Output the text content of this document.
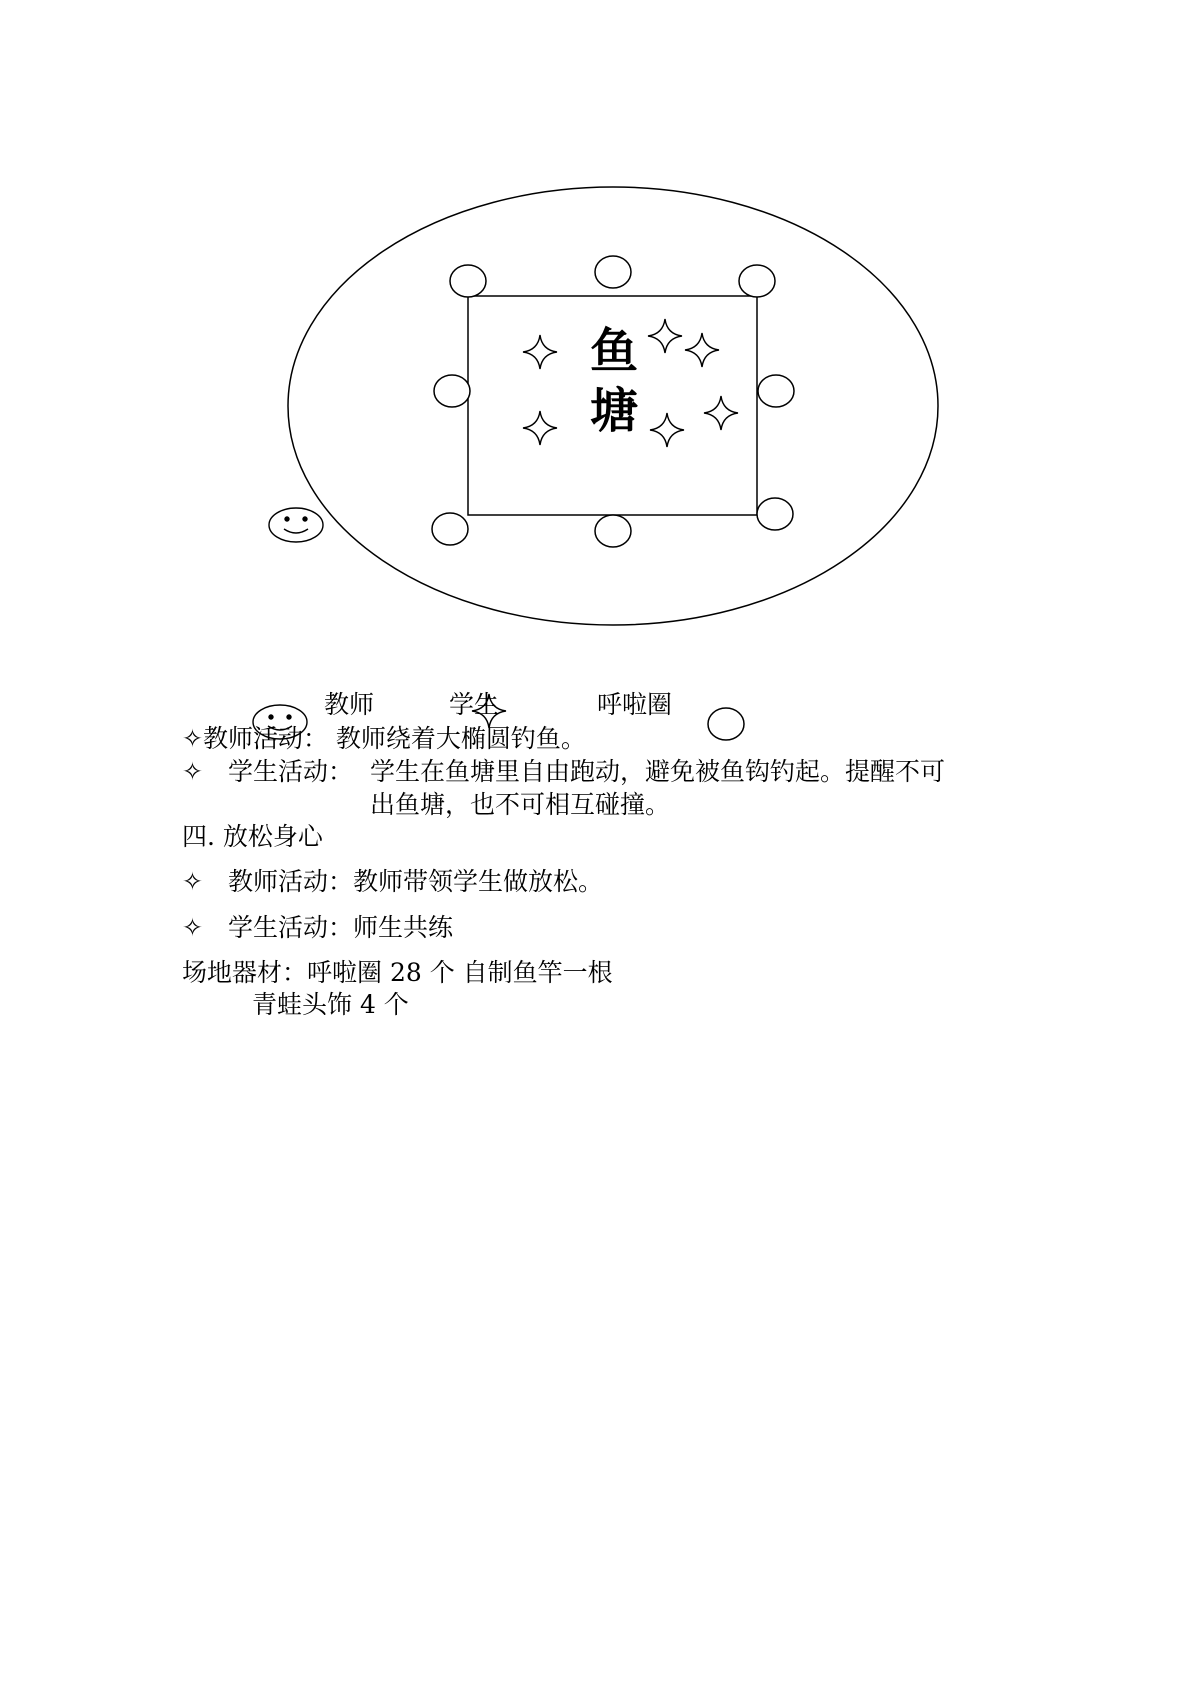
鱼
塘
教师	学生	呼啦圈
✧教师活动： 教师绕着大椭圆钓鱼。
✧ 学生活动： 学生在鱼塘里自由跑动，避免被鱼钩钓起。提醒不可
出鱼塘，也不可相互碰撞。
四. 放松身心
✧ 教师活动：教师带领学生做放松。
✧ 学生活动：师生共练
场地器材：呼啦圈 28 个 自制鱼竿一根
青蛙头饰 4 个
